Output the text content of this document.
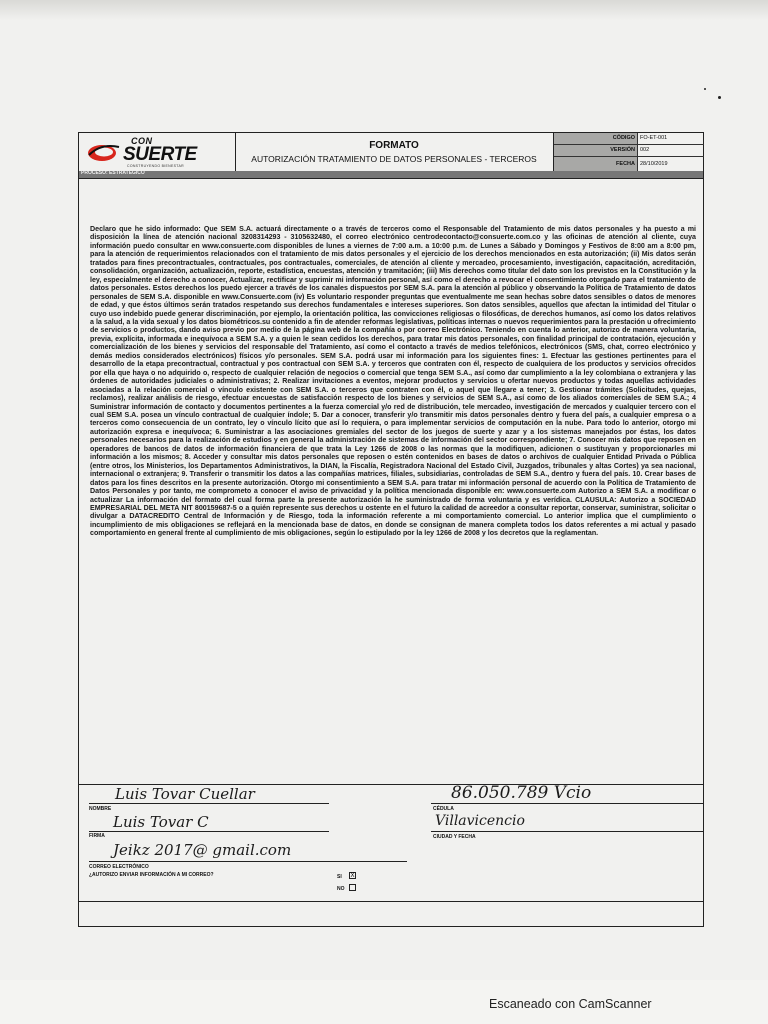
CON
SUERTE
CONSTRUYENDO BIENESTAR
FORMATO
AUTORIZACIÓN TRATAMIENTO DE DATOS PERSONALES - TERCEROS
CÓDIGO FO-ET-001
VERSIÓN 002
FECHA 28/10/2019
PROCESO: ESTRATÉGICO
Declaro que he sido informado: Que SEM S.A. actuará directamente o a través de terceros como el Responsable del Tratamiento de mis datos personales y ha puesto a mi disposición la línea de atención nacional 3208314293 - 3105632480, el correo electrónico centrodecontacto@consuerte.com.co y las oficinas de atención al cliente, cuya información puedo consultar en www.consuerte.com disponibles de lunes a viernes de 7:00 a.m. a 10:00 p.m. de Lunes a Sábado y Domingos y Festivos de 8:00 am a 8:00 pm, para la atención de requerimientos relacionados con el tratamiento de mis datos personales y el ejercicio de los derechos mencionados en esta autorización; (ii) Mis datos serán tratados para fines precontractuales, contractuales, pos contractuales, comerciales, de atención al cliente y mercadeo, procesamiento, investigación, capacitación, acreditación, consolidación, organización, actualización, reporte, estadística, encuestas, atención y tramitación; (iii) Mis derechos como titular del dato son los previstos en la Constitución y la ley, especialmente el derecho a conocer, Actualizar, rectificar y suprimir mi información personal, así como el derecho a revocar el consentimiento otorgado para el tratamiento de datos personales. Estos derechos los puedo ejercer a través de los canales dispuestos por SEM S.A. para la atención al público y observando la Política de Tratamiento de datos personales de SEM S.A. disponible en www.Consuerte.com (iv) Es voluntario responder preguntas que eventualmente me sean hechas sobre datos sensibles o datos de menores de edad, y que éstos últimos serán tratados respetando sus derechos fundamentales e intereses superiores. Son datos sensibles, aquellos que afectan la intimidad del Titular o cuyo uso indebido puede generar discriminación, por ejemplo, la orientación política, las convicciones religiosas o filosóficas, de derechos humanos, así como los datos relativos a la salud, a la vida sexual y los datos biométricos.su contenido a fin de atender reformas legislativas, políticas internas o nuevos requerimientos para la prestación u ofrecimiento de servicios o productos, dando aviso previo por medio de la página web de la compañía o por correo Electrónico. Teniendo en cuenta lo anterior, autorizo de manera voluntaria, previa, explícita, informada e inequívoca a SEM S.A. y a quien le sean cedidos los derechos, para tratar mis datos personales, con finalidad principal de contratación, ejecución y comercialización de los bienes y servicios del responsable del Tratamiento, así como el contacto a través de medios telefónicos, electrónicos (SMS, chat, correo electrónico y demás medios considerados electrónicos) físicos y/o personales. SEM S.A. podrá usar mi información para los siguientes fines: 1. Efectuar las gestiones pertinentes para el desarrollo de la etapa precontractual, contractual y pos contractual con SEM S.A. y terceros que contraten con él, respecto de cualquiera de los productos y servicios ofrecidos por ella que haya o no adquirido o, respecto de cualquier relación de negocios o comercial que tenga SEM S.A., así como dar cumplimiento a la ley colombiana o extranjera y las órdenes de autoridades judiciales o administrativas; 2. Realizar invitaciones a eventos, mejorar productos y servicios u ofertar nuevos productos y todas aquellas actividades asociadas a la relación comercial o vínculo existente con SEM S.A. o terceros que contraten con él, o aquel que llegare a tener; 3. Gestionar trámites (Solicitudes, quejas, reclamos), realizar análisis de riesgo, efectuar encuestas de satisfacción respecto de los bienes y servicios de SEM S.A., así como de los aliados comerciales de SEM S.A.; 4 Suministrar información de contacto y documentos pertinentes a la fuerza comercial y/o red de distribución, tele mercadeo, investigación de mercados y cualquier tercero con el cual SEM S.A. posea un vínculo contractual de cualquier índole; 5. Dar a conocer, transferir y/o transmitir mis datos personales dentro y fuera del país, a cualquier empresa o a terceros como consecuencia de un contrato, ley o vínculo lícito que así lo requiera, o para implementar servicios de computación en la nube. Para todo lo anterior, otorgo mi autorización expresa e inequívoca; 6. Suministrar a las asociaciones gremiales del sector de los juegos de suerte y azar y a los sistemas manejados por éstas, los datos personales necesarios para la realización de estudios y en general la administración de sistemas de información del sector correspondiente; 7. Conocer mis datos que reposen en operadores de bancos de datos de información financiera de que trata la Ley 1266 de 2008 o las normas que la modifiquen, adicionen o sustituyan y proporcionarles mi información a los mismos; 8. Acceder y consultar mis datos personales que reposen o estén contenidos en bases de datos o archivos de cualquier Entidad Privada o Pública (entre otros, los Ministerios, los Departamentos Administrativos, la DIAN, la Fiscalía, Registradora Nacional del Estado Civil, Juzgados, tribunales y altas Cortes) ya sea nacional, internacional o extranjera; 9. Transferir o transmitir los datos a las compañías matrices, filiales, subsidiarias, controladas de SEM S.A., dentro y fuera del país. 10. Crear bases de datos para los fines descritos en la presente autorización. Otorgo mi consentimiento a SEM S.A. para tratar mi información personal de acuerdo con la Política de Tratamiento de Datos Personales y por tanto, me comprometo a conocer el aviso de privacidad y la política mencionada disponible en: www.consuerte.com Autorizo a SEM S.A. a modificar o actualizar La información del formato del cual forma parte la presente autorización la he suministrado de forma voluntaria y es verídica. CLAUSULA: Autorizo a SOCIEDAD EMPRESARIAL DEL META NIT 800159687-5 o a quién represente sus derechos u ostente en el futuro la calidad de acreedor a consultar reportar, conservar, suministrar, solicitar o divulgar a DATACREDITO Central de Información y de Riesgo, toda la información referente a mi comportamiento comercial. Lo anterior implica que el cumplimiento o incumplimiento de mis obligaciones se reflejará en la mencionada base de datos, en donde se consignan de manera completa todos los datos referentes a mi actual y pasado comportamiento en general frente al cumplimiento de mis obligaciones, según lo estipulado por la ley 1266 de 2008 y los decretos que la reglamentan.
Luis Tovar Cuellar
NOMBRE
86.050.789 Vcio
CÉDULA
Luis Tovar C
FIRMA
Villavicencio
CIUDAD Y FECHA
Jeikz 2017@ gmail.com
CORREO ELECTRÓNICO
¿AUTORIZO ENVIAR INFORMACIÓN A MI CORREO?	SI X
NO
Escaneado con CamScanner
